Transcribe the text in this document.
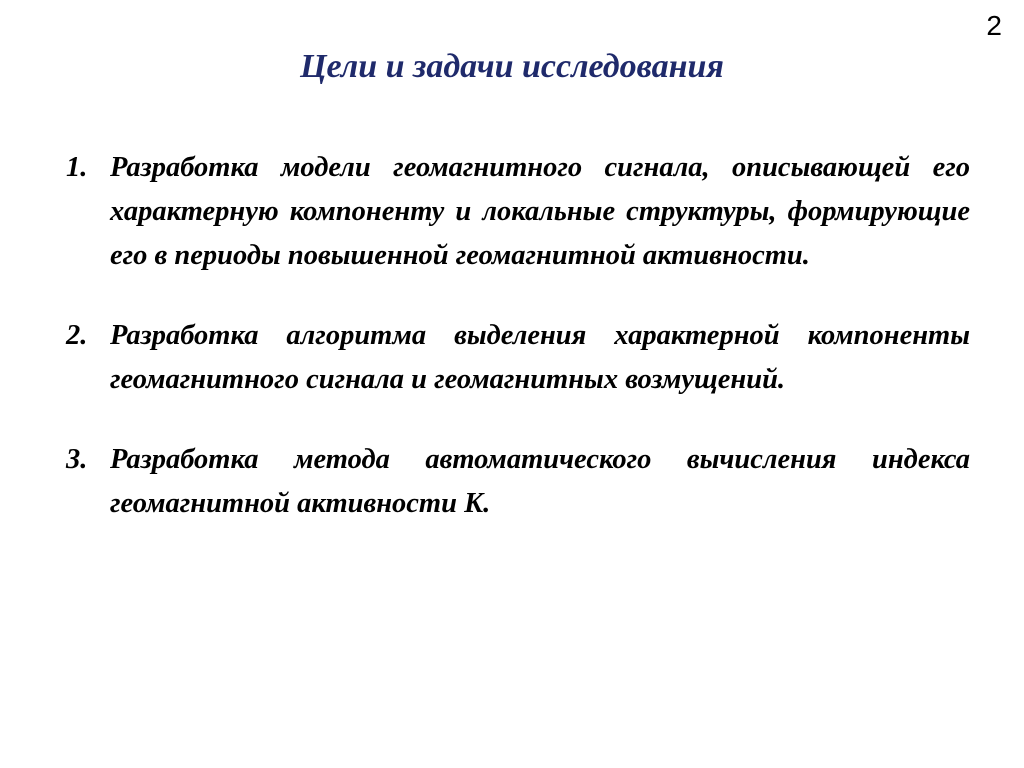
2
Цели и задачи исследования
1. Разработка модели геомагнитного сигнала, описывающей его характерную компоненту и локальные структуры, формирующие его в периоды повышенной геомагнитной активности.
2. Разработка алгоритма выделения характерной компоненты геомагнитного сигнала и геомагнитных возмущений.
3. Разработка метода автоматического вычисления индекса геомагнитной активности K.
